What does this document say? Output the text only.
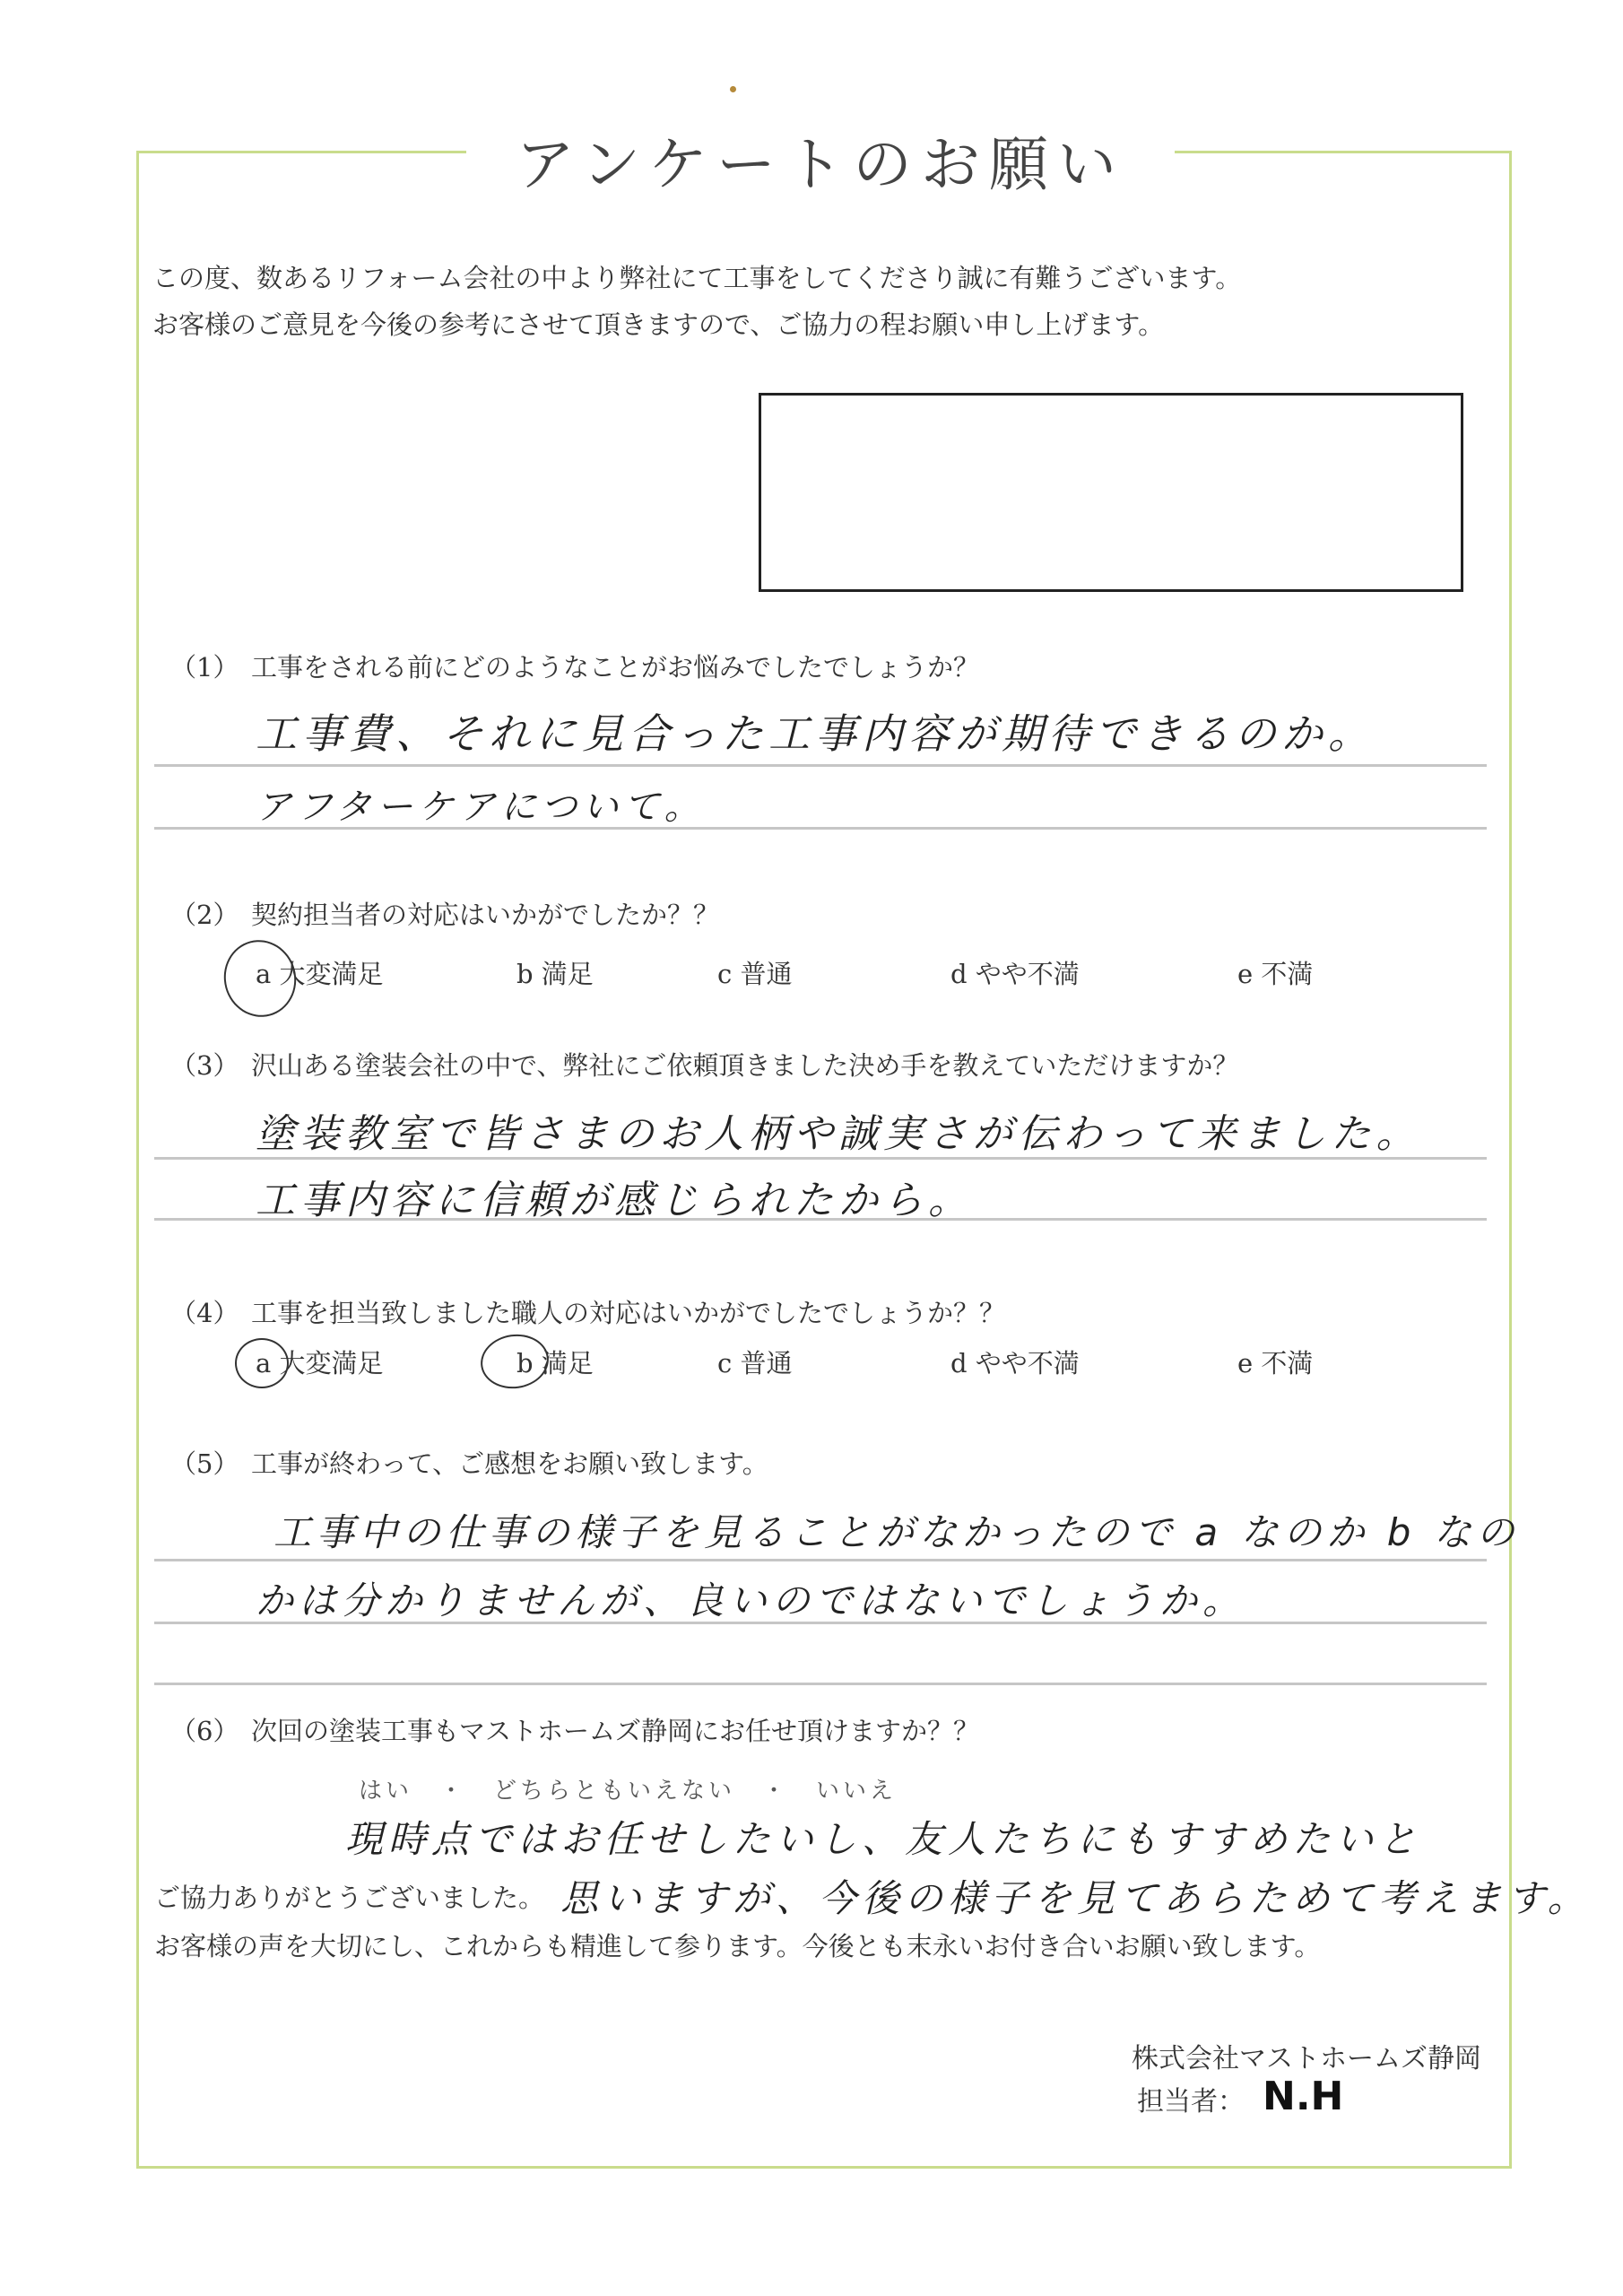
アンケートのお願い
この度、数あるリフォーム会社の中より弊社にて工事をしてくださり誠に有難うございます。
お客様のご意見を今後の参考にさせて頂きますので、ご協力の程お願い申し上げます。
（1） 工事をされる前にどのようなことがお悩みでしたでしょうか？
工事費、それに見合った工事内容が期待できるのか。
アフターケアについて。
（2） 契約担当者の対応はいかがでしたか？？
a 大変満足	b 満足	c 普通	d やや不満	e 不満
（3） 沢山ある塗装会社の中で、弊社にご依頼頂きました決め手を教えていただけますか？
塗装教室で皆さまのお人柄や誠実さが伝わって来ました。
工事内容に信頼が感じられたから。
（4） 工事を担当致しました職人の対応はいかがでしたでしょうか？？
a 大変満足	b 満足	c 普通	d やや不満	e 不満
（5） 工事が終わって、ご感想をお願い致します。
工事中の仕事の様子を見ることがなかったので a なのか b なの
かは分かりませんが、良いのではないでしょうか。
（6） 次回の塗装工事もマストホームズ静岡にお任せ頂けますか？？
はい　・　どちらともいえない　・　いいえ
現時点ではお任せしたいし、友人たちにもすすめたいと
思いますが、今後の様子を見てあらためて考えます。
ご協力ありがとうございました。
お客様の声を大切にし、これからも精進して参ります。今後とも末永いお付き合いお願い致します。
株式会社マストホームズ静岡
担当者： N.H
